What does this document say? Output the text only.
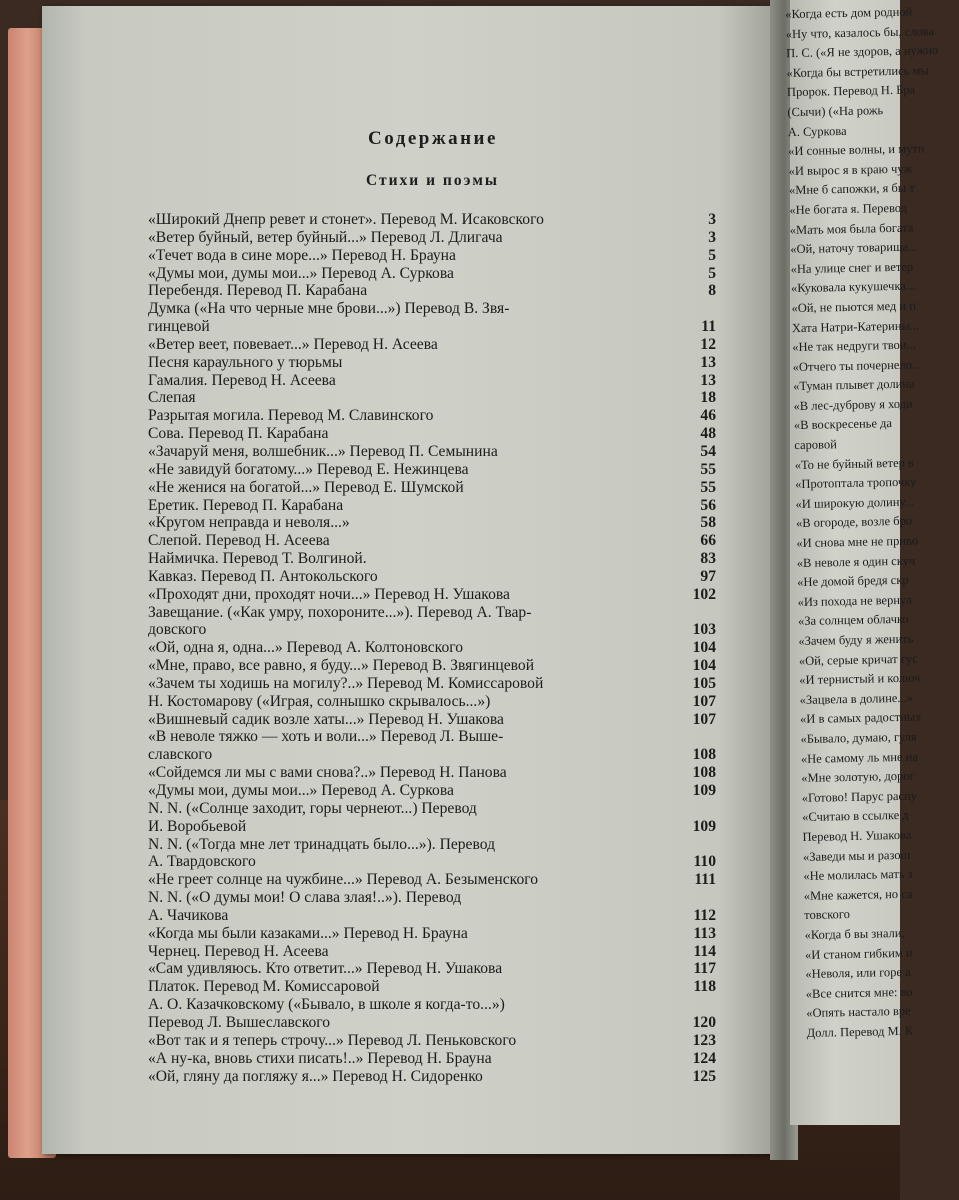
«Когда есть дом родной
«Ну что, казалось бы, слова
П. С. («Я не здоров, а нужно
«Когда бы встретились мы
Пророк. Перевод Н. Бра
(Сычи) («На рожь
А. Суркова
«И сонные волны, и мутн
«И вырос я в краю чуж
«Мне б сапожки, я бы т
«Не богата я. Перевод
«Мать моя была богата
«Ой, наточу товарища...
«На улице снег и ветер
«Куковала кукушечка...
«Ой, не пьются мед и п
Хата Натри-Катерины...
«Не так недруги твои...
«Отчего ты почернело...
«Туман плывет долина
«В лес-дуброву я ходи
«В воскресенье да
саровой
«То не буйный ветер в
«Протоптала тропочку
«И широкую долину...
«В огороде, возле бро
«И снова мне не приво
«В неволе я один скуч
«Не домой бредя скр
«Из похода не вернул
«За солнцем облачко
«Зачем буду я женить
«Ой, серые кричат гус
«И тернистый и колюч
«Зацвела в долине...»
«И в самых радостных
«Бывало, думаю, гуля
«Не самому ль мне на
«Мне золотую, дорог
«Готово! Парус распу
«Считаю в ссылке д
Перевод Н. Ушакова
«Заведи мы и разош
«Не молилась мать з
«Мне кажется, но са
товского
«Когда б вы знали,
«И станом гибким и
«Неволя, или горе а
«Все снится мне: во
«Опять настало вре
Долл. Перевод М. К
Содержание
Стихи и поэмы
«Широкий Днепр ревет и стонет». Перевод М. Исаковского	3
«Ветер буйный, ветер буйный...» Перевод Л. Длигача	3
«Течет вода в сине море...» Перевод Н. Брауна	5
«Думы мои, думы мои...» Перевод А. Суркова	5
Перебендя. Перевод П. Карабана	8
Думка («На что черные мне брови...») Перевод В. Звя-
гинцевой	11
«Ветер веет, повевает...» Перевод Н. Асеева	12
Песня караульного у тюрьмы	13
Гамалия. Перевод Н. Асеева	13
Слепая	18
Разрытая могила. Перевод М. Славинского	46
Сова. Перевод П. Карабана	48
«Зачаруй меня, волшебник...» Перевод П. Семынина	54
«Не завидуй богатому...» Перевод Е. Нежинцева	55
«Не женися на богатой...» Перевод Е. Шумской	55
Еретик. Перевод П. Карабана	56
«Кругом неправда и неволя...»	58
Слепой. Перевод Н. Асеева	66
Наймичка. Перевод Т. Волгиной.	83
Кавказ. Перевод П. Антокольского	97
«Проходят дни, проходят ночи...» Перевод Н. Ушакова	102
Завещание. («Как умру, похороните...»). Перевод А. Твар-
довского	103
«Ой, одна я, одна...» Перевод А. Колтоновского	104
«Мне, право, все равно, я буду...» Перевод В. Звягинцевой	104
«Зачем ты ходишь на могилу?..» Перевод М. Комиссаровой	105
Н. Костомарову («Играя, солнышко скрывалось...»)	107
«Вишневый садик возле хаты...» Перевод Н. Ушакова	107
«В неволе тяжко — хоть и воли...» Перевод Л. Выше-
славского	108
«Сойдемся ли мы с вами снова?..» Перевод Н. Панова	108
«Думы мои, думы мои...» Перевод А. Суркова	109
N. N. («Солнце заходит, горы чернеют...) Перевод
И. Воробьевой	109
N. N. («Тогда мне лет тринадцать было...»). Перевод
А. Твардовского	110
«Не греет солнце на чужбине...» Перевод А. Безыменского	111
N. N. («О думы мои! О слава злая!..»). Перевод
А. Чачикова	112
«Когда мы были казаками...» Перевод Н. Брауна	113
Чернец. Перевод Н. Асеева	114
«Сам удивляюсь. Кто ответит...» Перевод Н. Ушакова	117
Платок. Перевод М. Комиссаровой	118
А. О. Казачковскому («Бывало, в школе я когда-то...»)
Перевод Л. Вышеславского	120
«Вот так и я теперь строчу...» Перевод Л. Пеньковского	123
«А ну-ка, вновь стихи писать!..» Перевод Н. Брауна	124
«Ой, гляну да погляжу я...» Перевод Н. Сидоренко	125
